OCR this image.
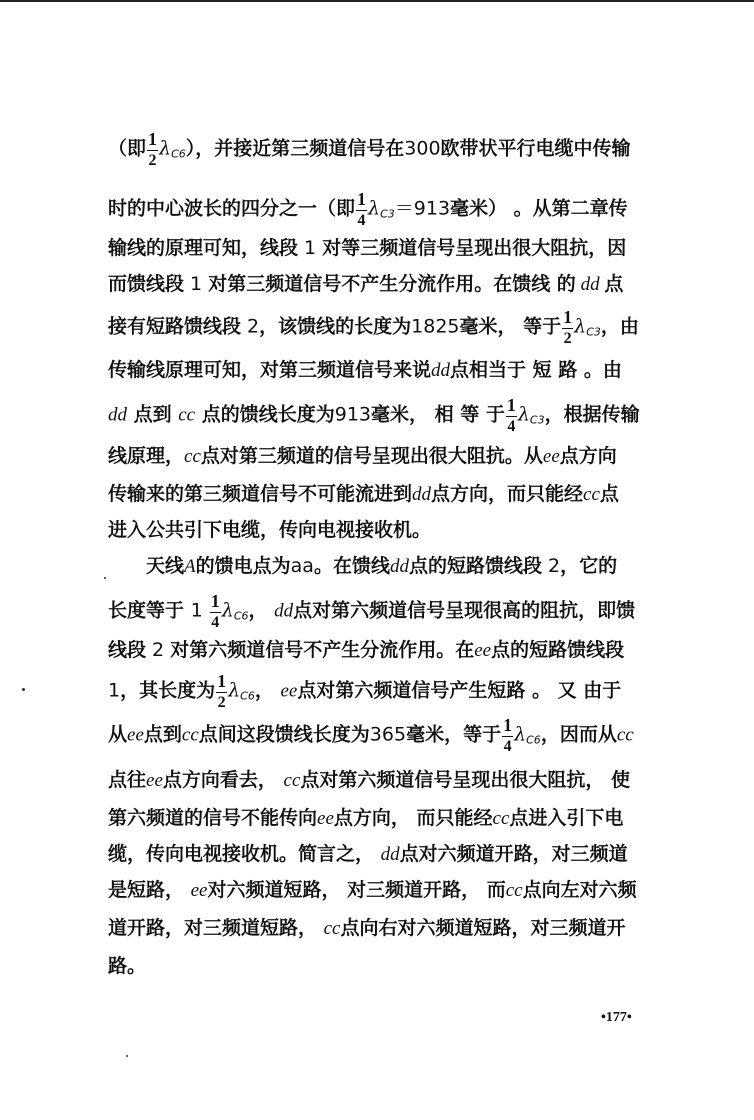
（即 $\frac{1}{2} \lambda_{C6}$），并接近第三频道信号在300欧带状平行电缆中传输
时的中心波长的四分之一（即 $\frac{1}{4} \lambda_{C3}=913$毫米） 。从第二章传
输线的原理可知，线段 1 对等三频道信号呈现出很大阻抗，因
而馈线段 1 对第三频道信号不产生分流作用。在馈线 的 dd 点
接有短路馈线段 2，该馈线的长度为1825毫米， 等于 $\frac{1}{2} \lambda_{C3}$，由
传输线原理可知，对第三频道信号来说dd点相当于 短 路 。由
dd 点到 cc 点的馈线长度为913毫米， 相 等 于 $\frac{1}{4} \lambda_{C3}$，根据传输
线原理，cc点对第三频道的信号呈现出很大阻抗。从ee点方向
传输来的第三频道信号不可能流进到dd点方向，而只能经cc点
进入公共引下电缆，传向电视接收机。
　　天线A的馈电点为aa。在馈线dd点的短路馈线段 2，它的
长度等于 $1 \frac{1}{4} \lambda_{C6}$， dd点对第六频道信号呈现很高的阻抗，即馈
线段 2 对第六频道信号不产生分流作用。在ee点的短路馈线段
1，其长度为 $\frac{1}{2} \lambda_{C6}$， ee点对第六频道信号产生短路 。 又 由于
从ee点到cc点间这段馈线长度为365毫米，等于 $\frac{1}{4} \lambda_{C6}$，因而从cc
点往ee点方向看去， cc点对第六频道信号呈现出很大阻抗， 使
第六频道的信号不能传向ee点方向， 而只能经cc点进入引下电
缆，传向电视接收机。简言之， dd点对六频道开路，对三频道
是短路， ee对六频道短路， 对三频道开路， 而cc点向左对六频
道开路，对三频道短路， cc点向右对六频道短路，对三频道开
路。
•177•
